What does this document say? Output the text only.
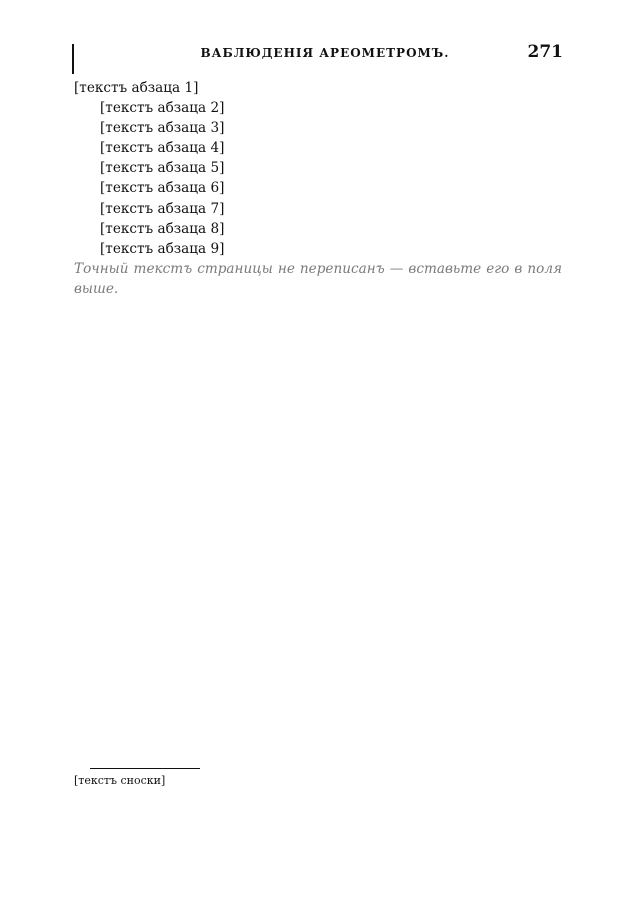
ВАБЛЮДЕНІЯ АРЕОМЕТРОМЪ.	271

[текстъ абзаца 1]

[текстъ абзаца 2]

[текстъ абзаца 3]

[текстъ абзаца 4]

[текстъ абзаца 5]

[текстъ абзаца 6]

[текстъ абзаца 7]

[текстъ абзаца 8]

[текстъ абзаца 9]

Точный текстъ страницы не переписанъ — вставьте его в поля выше.

[текстъ сноски]
